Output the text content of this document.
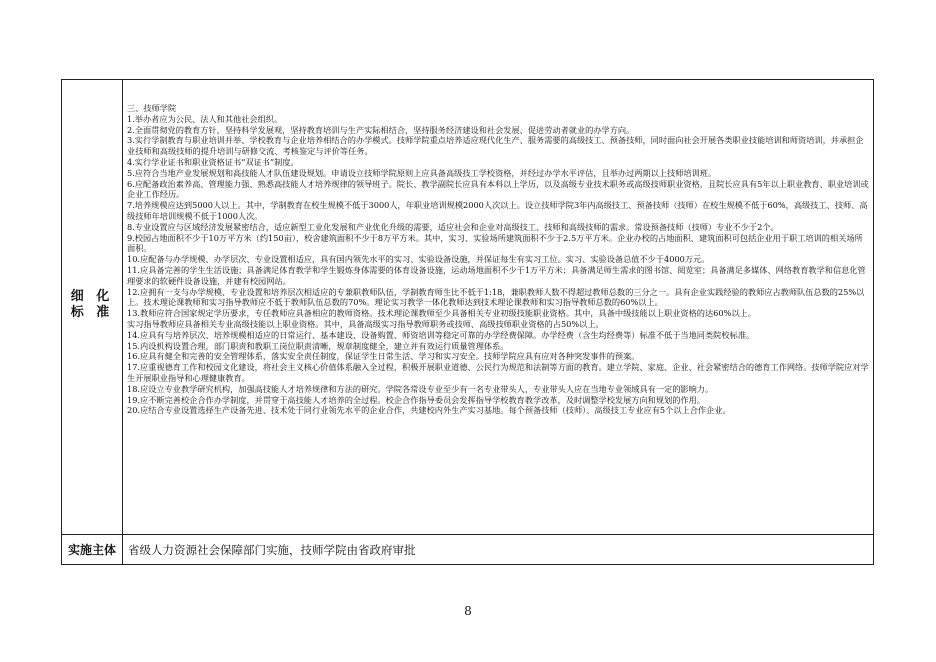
细 化
标 准

三、技师学院

1.举办者应为公民、法人和其他社会组织。

2.全面贯彻党的教育方针，坚持科学发展观，坚持教育培训与生产实际相结合，坚持服务经济建设和社会发展、促进劳动者就业的办学方向。

3.实行学制教育与职业培训并举、学校教育与企业培养相结合的办学模式。技师学院重点培养适应现代化生产、服务需要的高级技工、预备技师，同时面向社会开展各类职业技能培训和师资培训，并承担企业技师和高级技师的提升培训与研修交流、考核鉴定与评价等任务。

4.实行学业证书和职业资格证书“双证书”制度。

5.应符合当地产业发展规划和高技能人才队伍建设规划。申请设立技师学院原则上应具备高级技工学校资格，并经过办学水平评估，且举办过两期以上技师培训班。

6.应配备政治素养高、管理能力强、熟悉高技能人才培养规律的领导班子。院长、教学副院长应具有本科以上学历，以及高级专业技术职务或高级技师职业资格，且院长应具有5年以上职业教育、职业培训或企业工作经历。

7.培养规模应达到5000人以上。其中，学制教育在校生规模不低于3000人，年职业培训规模2000人次以上。设立技师学院3年内高级技工、预备技师（技师）在校生规模不低于60%，高级技工、技师、高级技师年培训规模不低于1000人次。

8.专业设置应与区域经济发展紧密结合，适应新型工业化发展和产业优化升级的需要，适应社会和企业对高级技工、技师和高级技师的需求。常设预备技师（技师）专业不少于2个。

9.校园占地面积不少于10万平方米（约150亩），校舍建筑面积不少于8万平方米。其中，实习、实验场所建筑面积不少于2.5万平方米。企业办校的占地面积、建筑面积可包括企业用于职工培训的相关场所面积。

10.应配备与办学规模、办学层次、专业设置相适应，具有国内领先水平的实习、实验设备设施，并保证每生有实习工位。实习、实验设备总值不少于4000万元。

11.应具备完善的学生生活设施；具备满足体育教学和学生锻炼身体需要的体育设备设施，运动场地面积不少于1万平方米；具备满足师生需求的图书馆、阅览室；具备满足多媒体、网络教育教学和信息化管理要求的软硬件设备设施，并建有校园网站。

12.应拥有一支与办学规模、专业设置和培养层次相适应的专兼职教师队伍，学制教育师生比不低于1:18，兼职教师人数不得超过教师总数的三分之一。具有企业实践经验的教师应占教师队伍总数的25%以上。技术理论课教师和实习指导教师应不低于教师队伍总数的70%。理论实习教学一体化教师达到技术理论课教师和实习指导教师总数的60%以上。

13.教师应符合国家规定学历要求，专任教师应具备相应的教师资格。技术理论课教师至少具备相关专业初级技能职业资格。其中，具备中级技能以上职业资格的达60%以上。

实习指导教师应具备相关专业高级技能以上职业资格。其中，具备高级实习指导教师职务或技师、高级技师职业资格的占50%以上。

14.应具有与培养层次、培养规模相适应的日常运行、基本建设、设备购置、师资培训等稳定可靠的办学经费保障。办学经费（含生均经费等）标准不低于当地同类院校标准。

15.内设机构设置合理，部门职责和教职工岗位职责清晰，规章制度健全，建立并有效运行质量管理体系。

16.应具有健全和完善的安全管理体系，落实安全责任制度，保证学生日常生活、学习和实习安全。技师学院应具有应对各种突发事件的预案。

17.应重视德育工作和校园文化建设，将社会主义核心价值体系融入全过程，积极开展职业道德、公民行为规范和法制等方面的教育。建立学院、家庭、企业、社会紧密结合的德育工作网络。技师学院应对学生开展职业指导和心理健康教育。

18.应设立专业教学研究机构，加强高技能人才培养规律和方法的研究。学院各常设专业至少有一名专业带头人，专业带头人应在当地专业领域具有一定的影响力。

19.应不断完善校企合作办学制度，并贯穿于高技能人才培养的全过程。校企合作指导委员会发挥指导学校教育教学改革，及时调整学校发展方向和规划的作用。

20.应结合专业设置选择生产设备先进、技术处于同行业领先水平的企业合作，共建校内外生产实习基地。每个预备技师（技师）、高级技工专业应有5个以上合作企业。

实施主体	省级人力资源社会保障部门实施，技师学院由省政府审批
8
